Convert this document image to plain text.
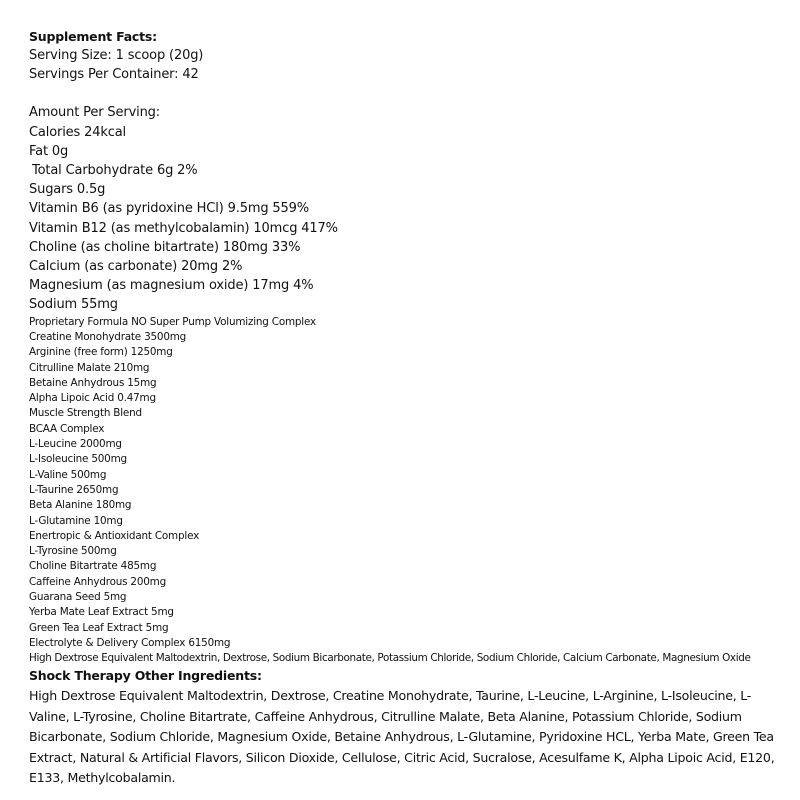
Supplement Facts:
Serving Size: 1 scoop (20g)
Servings Per Container: 42
Amount Per Serving:
Calories 24kcal
Fat 0g
Total Carbohydrate 6g 2%
Sugars 0.5g
Vitamin B6 (as pyridoxine HCl) 9.5mg 559%
Vitamin B12 (as methylcobalamin) 10mcg 417%
Choline (as choline bitartrate) 180mg 33%
Calcium (as carbonate) 20mg 2%
Magnesium (as magnesium oxide) 17mg 4%
Sodium 55mg
Proprietary Formula NO Super Pump Volumizing Complex
Creatine Monohydrate 3500mg
Arginine (free form) 1250mg
Citrulline Malate 210mg
Betaine Anhydrous 15mg
Alpha Lipoic Acid 0.47mg
Muscle Strength Blend
BCAA Complex
L-Leucine 2000mg
L-Isoleucine 500mg
L-Valine 500mg
L-Taurine 2650mg
Beta Alanine 180mg
L-Glutamine 10mg
Enertropic & Antioxidant Complex
L-Tyrosine 500mg
Choline Bitartrate 485mg
Caffeine Anhydrous 200mg
Guarana Seed 5mg
Yerba Mate Leaf Extract 5mg
Green Tea Leaf Extract 5mg
Electrolyte & Delivery Complex 6150mg
High Dextrose Equivalent Maltodextrin, Dextrose, Sodium Bicarbonate, Potassium Chloride, Sodium Chloride, Calcium Carbonate, Magnesium Oxide
Shock Therapy Other Ingredients:
High Dextrose Equivalent Maltodextrin, Dextrose, Creatine Monohydrate, Taurine, L-Leucine, L-Arginine, L-Isoleucine, L-Valine, L-Tyrosine, Choline Bitartrate, Caffeine Anhydrous, Citrulline Malate, Beta Alanine, Potassium Chloride, Sodium Bicarbonate, Sodium Chloride, Magnesium Oxide, Betaine Anhydrous, L-Glutamine, Pyridoxine HCL, Yerba Mate, Green Tea Extract, Natural & Artificial Flavors, Silicon Dioxide, Cellulose, Citric Acid, Sucralose, Acesulfame K, Alpha Lipoic Acid, E120, E133, Methylcobalamin.
